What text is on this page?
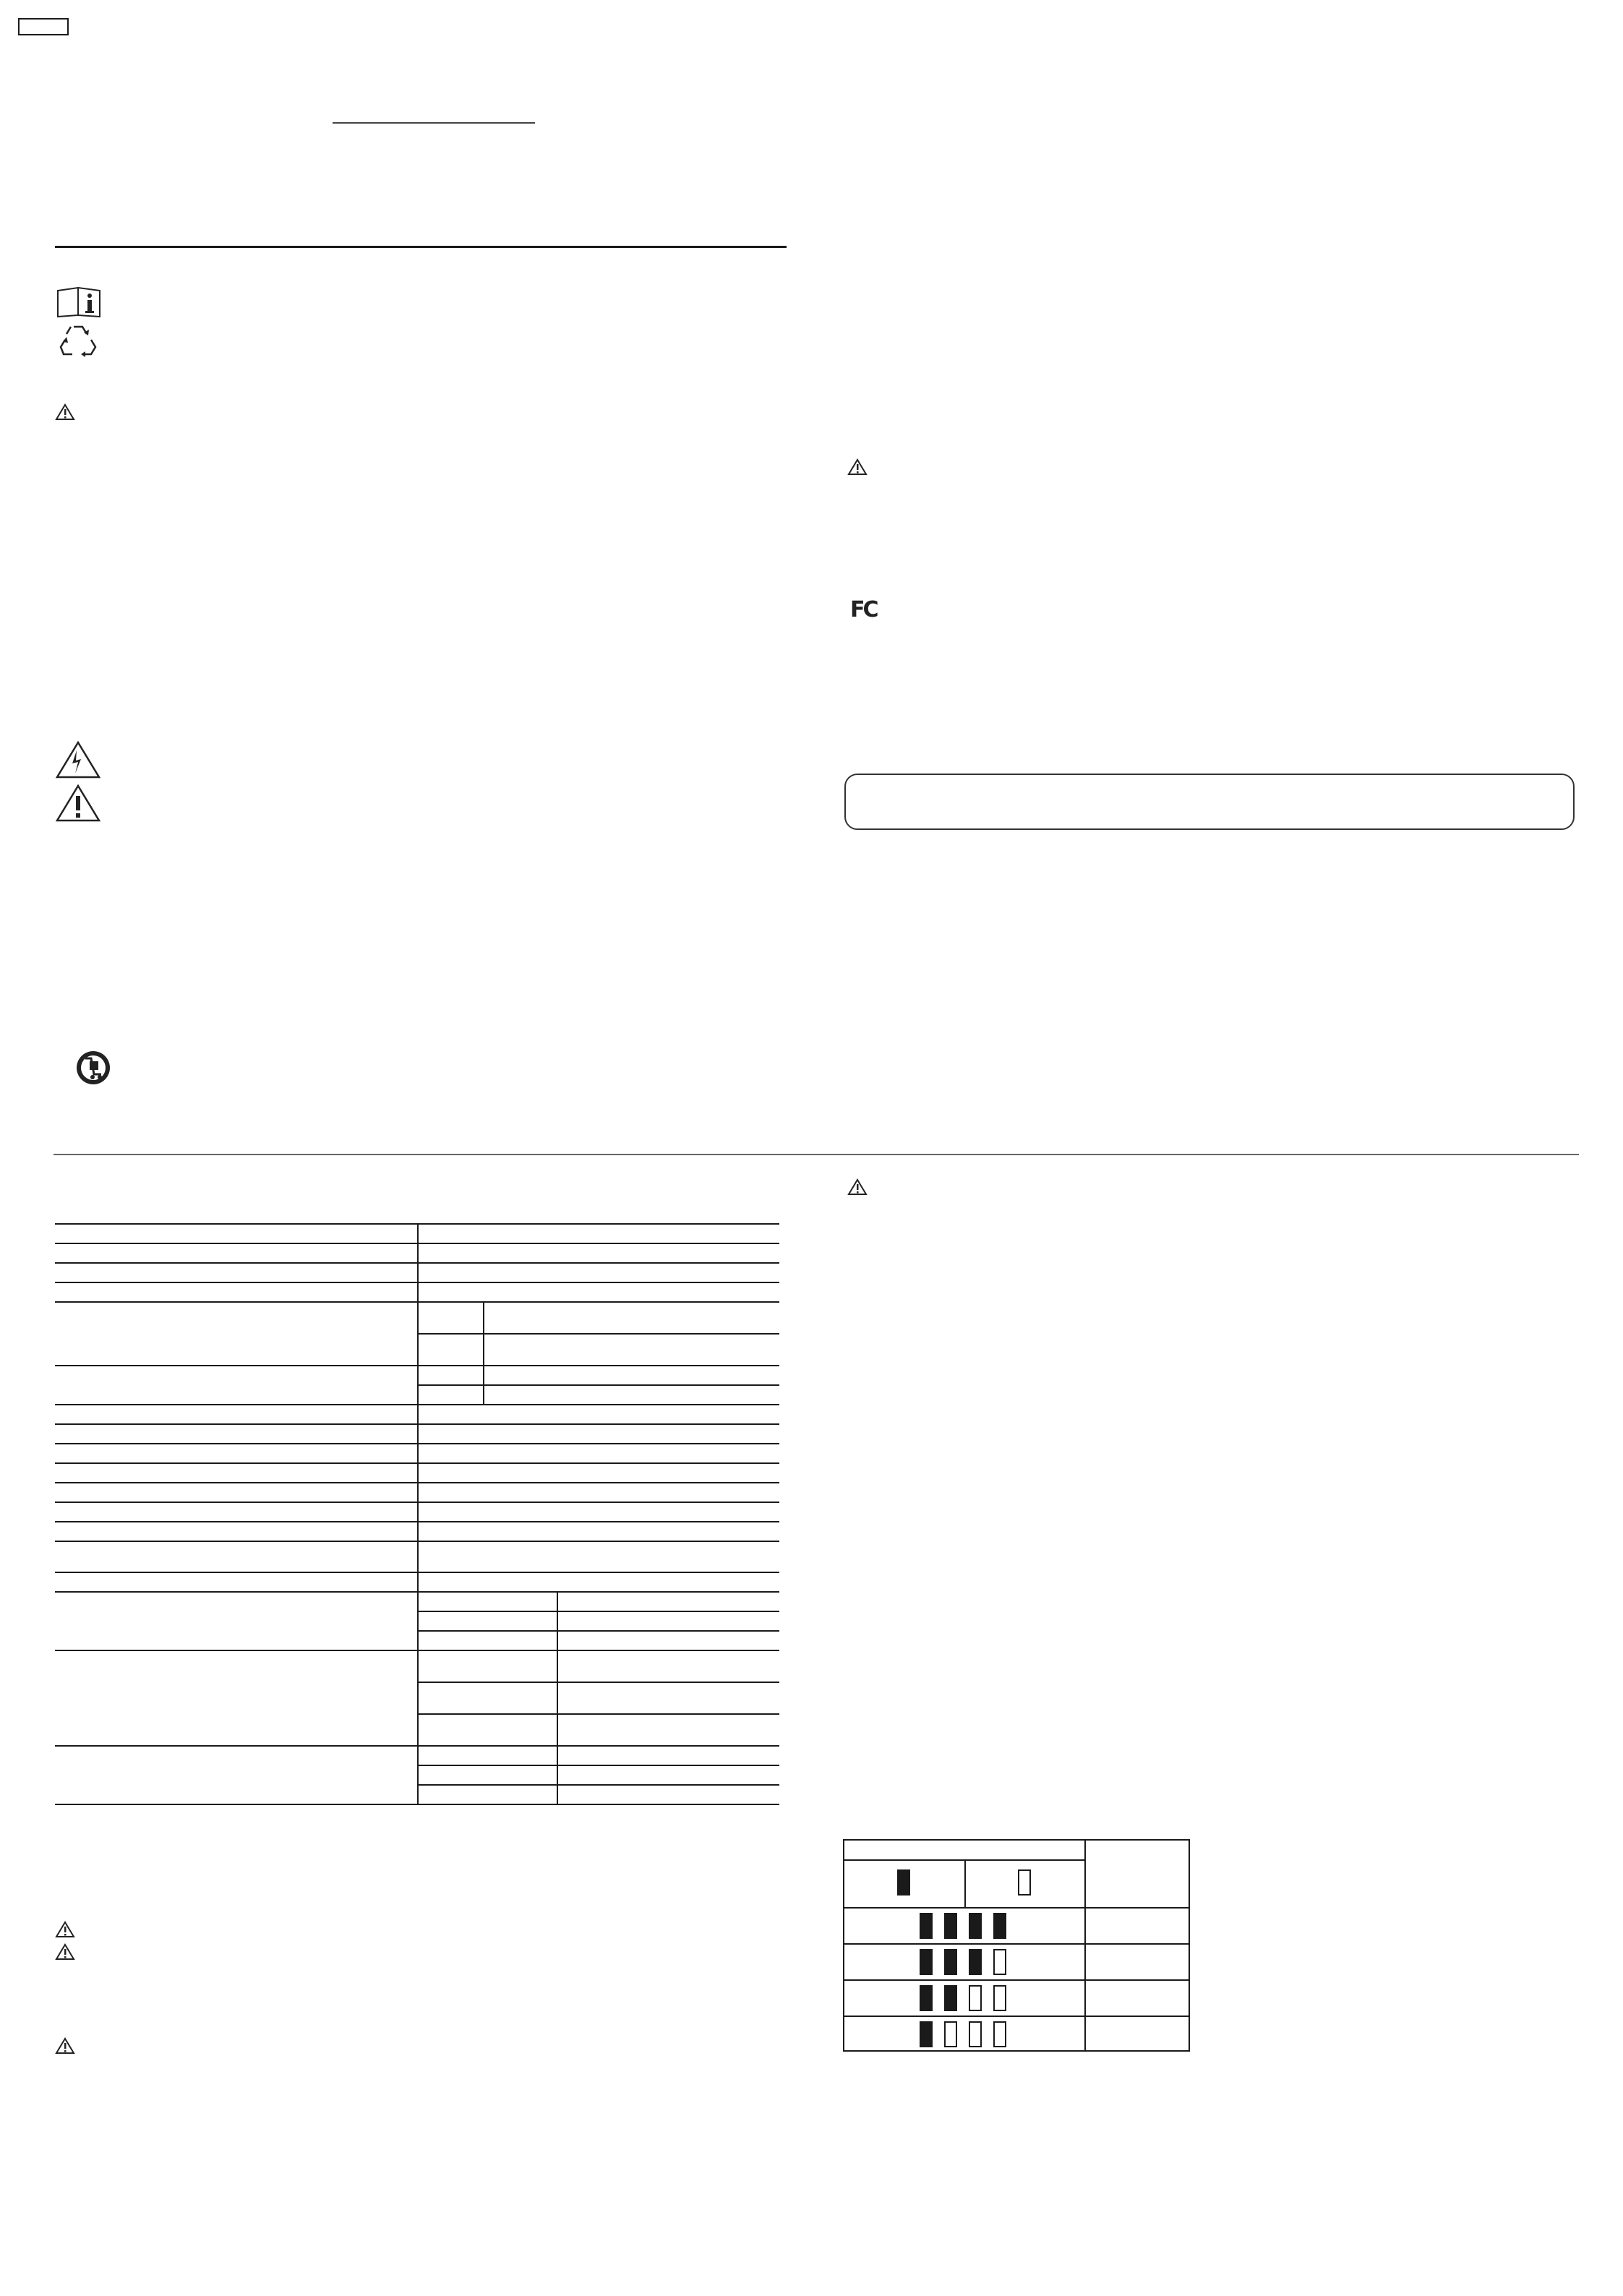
FC
